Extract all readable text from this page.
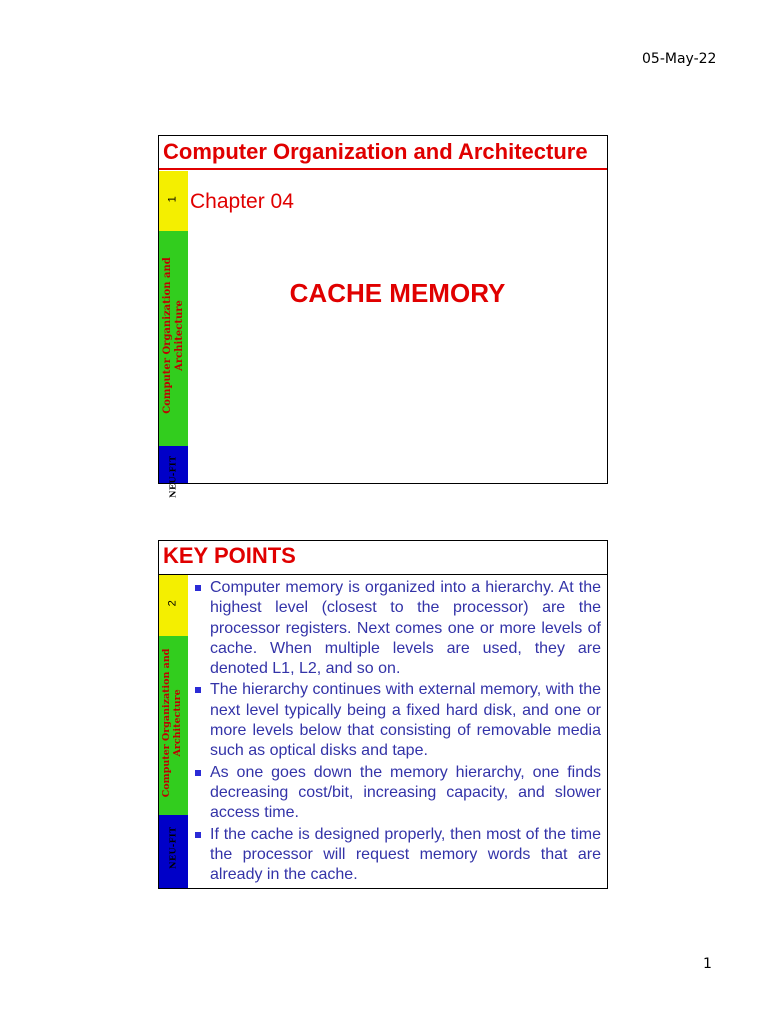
05-May-22
Computer Organization and Architecture
1
Computer Organization and Architecture
NEU-FIT
Chapter 04
CACHE MEMORY
KEY POINTS
2
Computer Organization and Architecture
NEU-FIT
Computer memory is organized into a hierarchy. At the highest level (closest to the processor) are the processor registers. Next comes one or more levels of cache. When multiple levels are used, they are denoted L1, L2, and so on.
The hierarchy continues with external memory, with the next level typically being a fixed hard disk, and one or more levels below that consisting of removable media such as optical disks and tape.
As one goes down the memory hierarchy, one finds decreasing cost/bit, increasing capacity, and slower access time.
If the cache is designed properly, then most of the time the processor will request memory words that are already in the cache.
1
